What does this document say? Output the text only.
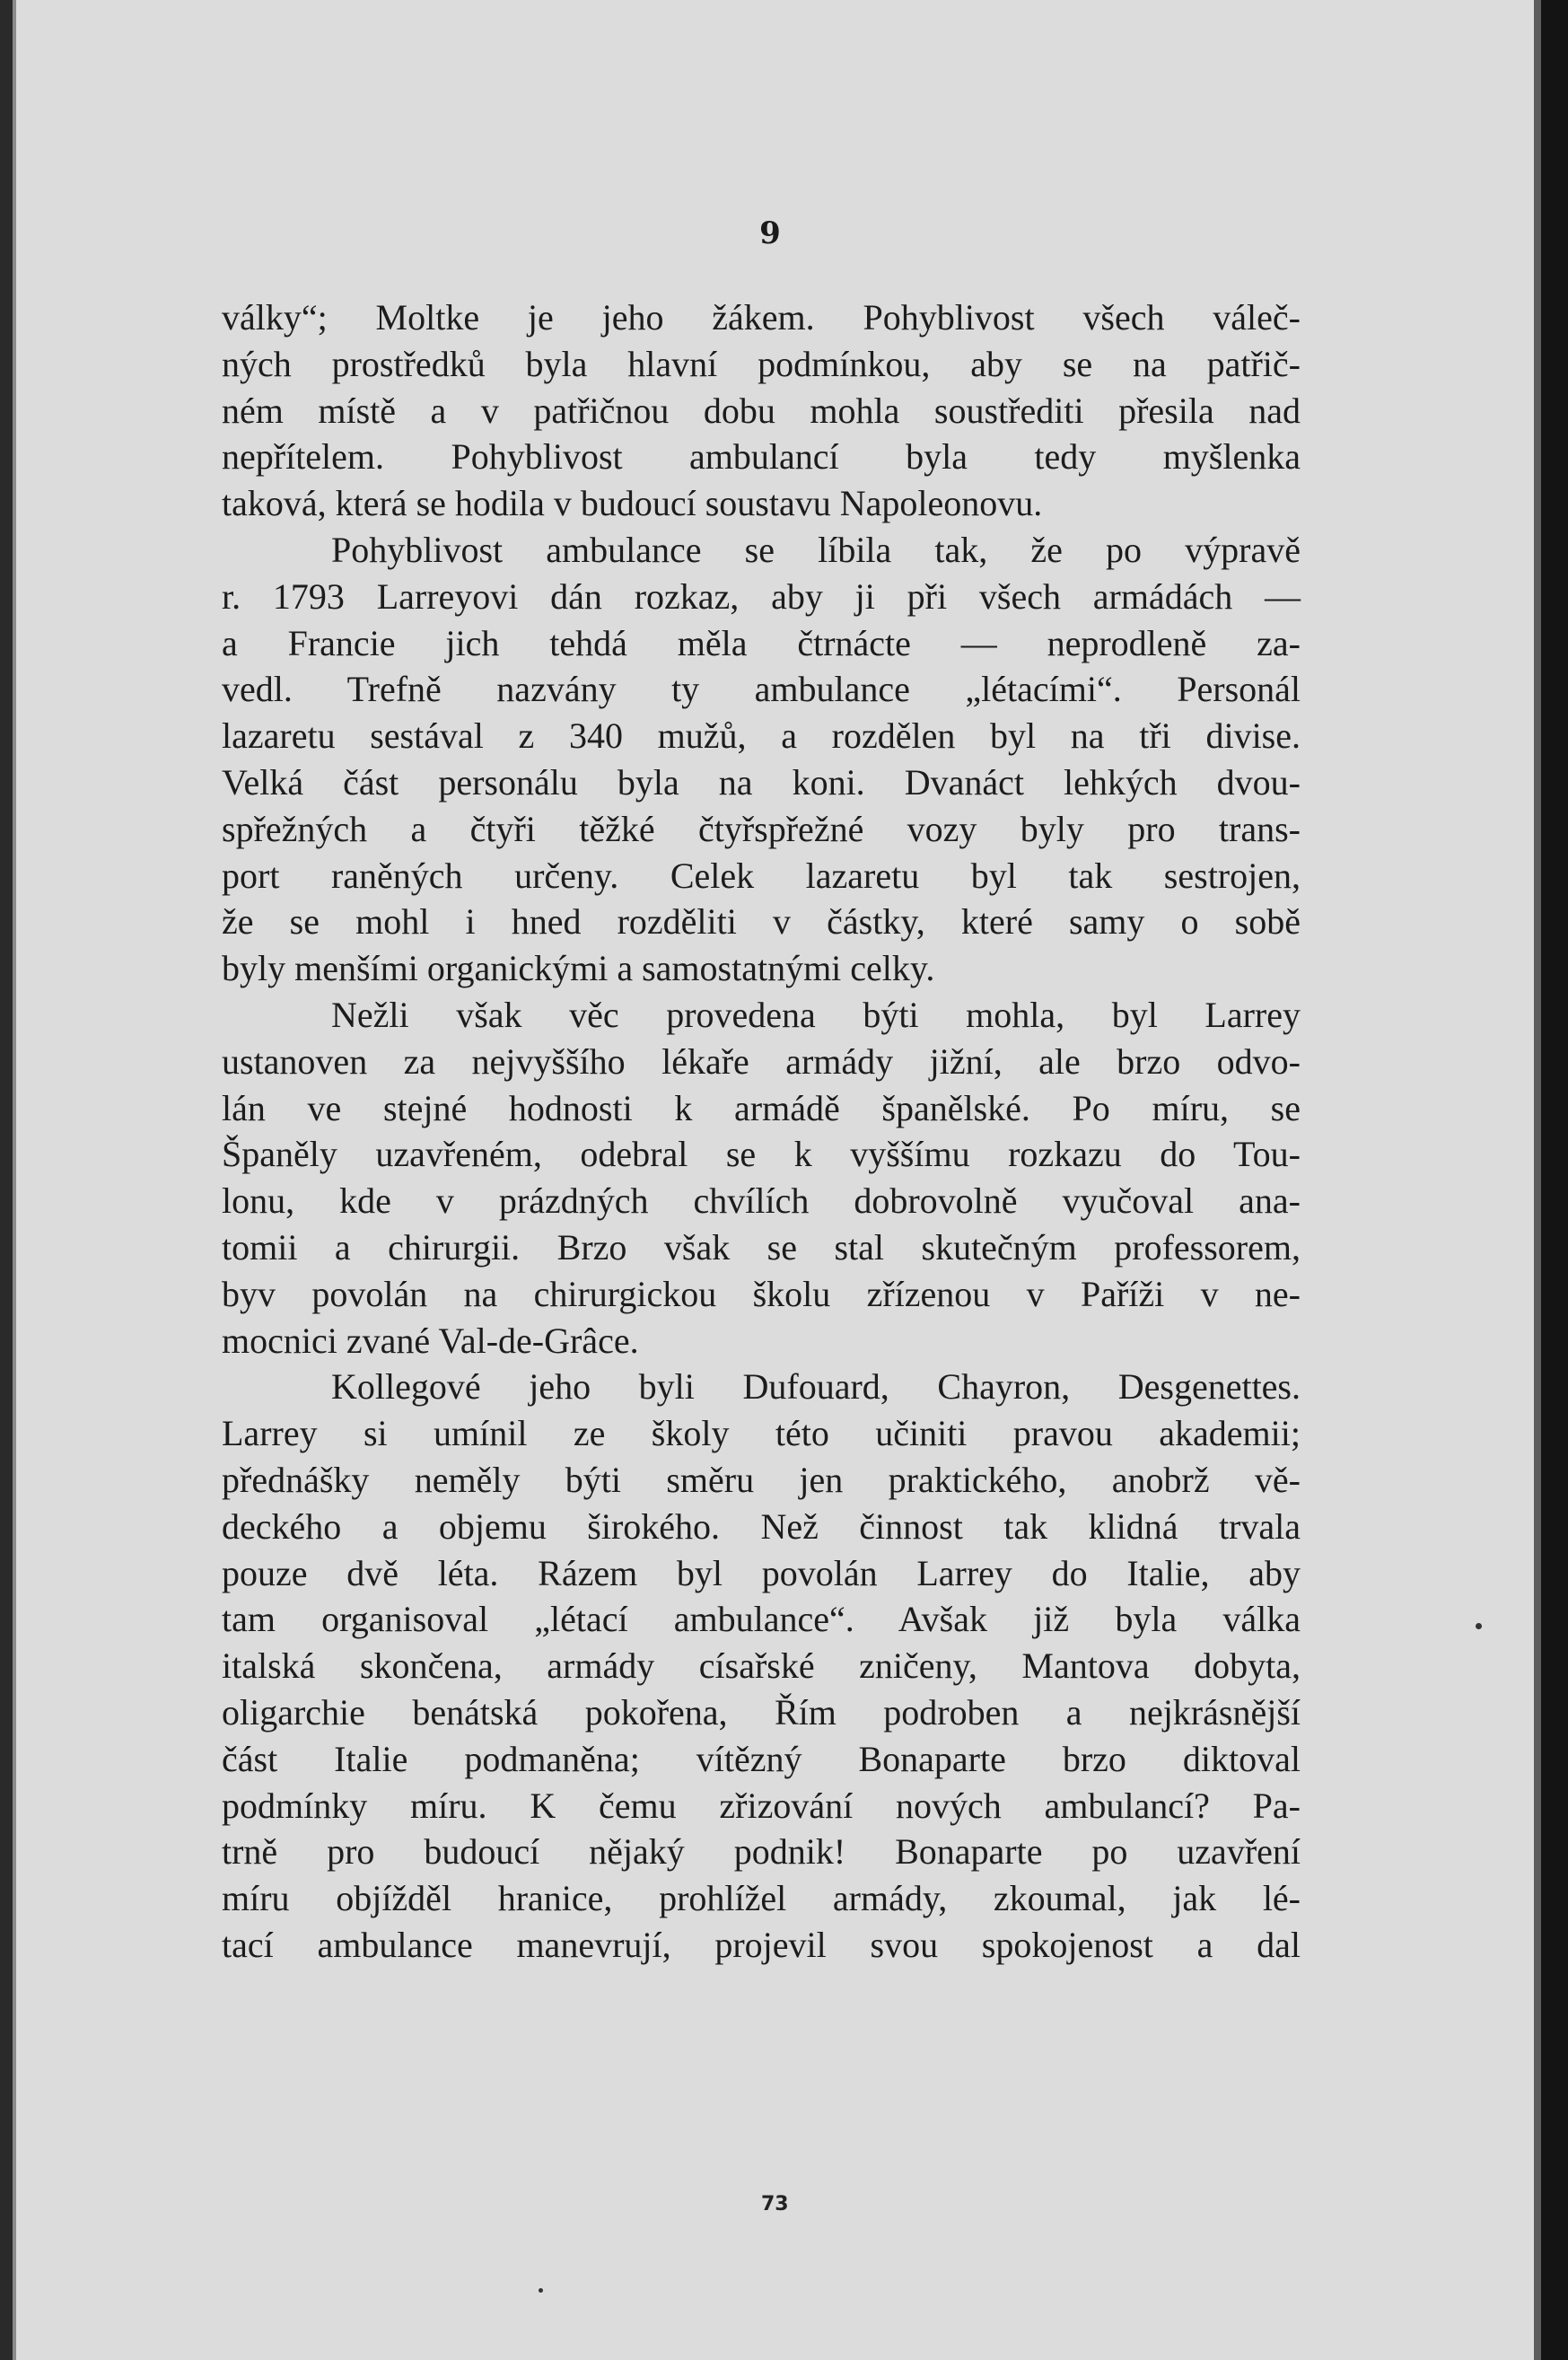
9
války“; Moltke je jeho žákem. Pohyblivost všech váleč-
ných prostředků byla hlavní podmínkou, aby se na patřič-
ném místě a v patřičnou dobu mohla soustřediti přesila nad
nepřítelem. Pohyblivost ambulancí byla tedy myšlenka
taková, která se hodila v budoucí soustavu Napoleonovu.
Pohyblivost ambulance se líbila tak, že po výpravě
r. 1793 Larreyovi dán rozkaz, aby ji při všech armádách —
a Francie jich tehdá měla čtrnácte — neprodleně za-
vedl. Trefně nazvány ty ambulance „létacími“. Personál
lazaretu sestával z 340 mužů, a rozdělen byl na tři divise.
Velká část personálu byla na koni. Dvanáct lehkých dvou-
spřežných a čtyři těžké čtyřspřežné vozy byly pro trans-
port raněných určeny. Celek lazaretu byl tak sestrojen,
že se mohl i hned rozděliti v částky, které samy o sobě
byly menšími organickými a samostatnými celky.
Nežli však věc provedena býti mohla, byl Larrey
ustanoven za nejvyššího lékaře armády jižní, ale brzo odvo-
lán ve stejné hodnosti k armádě španělské. Po míru, se
Španěly uzavřeném, odebral se k vyššímu rozkazu do Tou-
lonu, kde v prázdných chvílích dobrovolně vyučoval ana-
tomii a chirurgii. Brzo však se stal skutečným professorem,
byv povolán na chirurgickou školu zřízenou v Paříži v ne-
mocnici zvané Val-de-Grâce.
Kollegové jeho byli Dufouard, Chayron, Desgenettes.
Larrey si umínil ze školy této učiniti pravou akademii;
přednášky neměly býti směru jen praktického, anobrž vě-
deckého a objemu širokého. Než činnost tak klidná trvala
pouze dvě léta. Rázem byl povolán Larrey do Italie, aby
tam organisoval „létací ambulance“. Avšak již byla válka
italská skončena, armády císařské zničeny, Mantova dobyta,
oligarchie benátská pokořena, Řím podroben a nejkrásnější
část Italie podmaněna; vítězný Bonaparte brzo diktoval
podmínky míru. K čemu zřizování nových ambulancí? Pa-
trně pro budoucí nějaký podnik! Bonaparte po uzavření
míru objížděl hranice, prohlížel armády, zkoumal, jak lé-
tací ambulance manevrují, projevil svou spokojenost a dal
73
